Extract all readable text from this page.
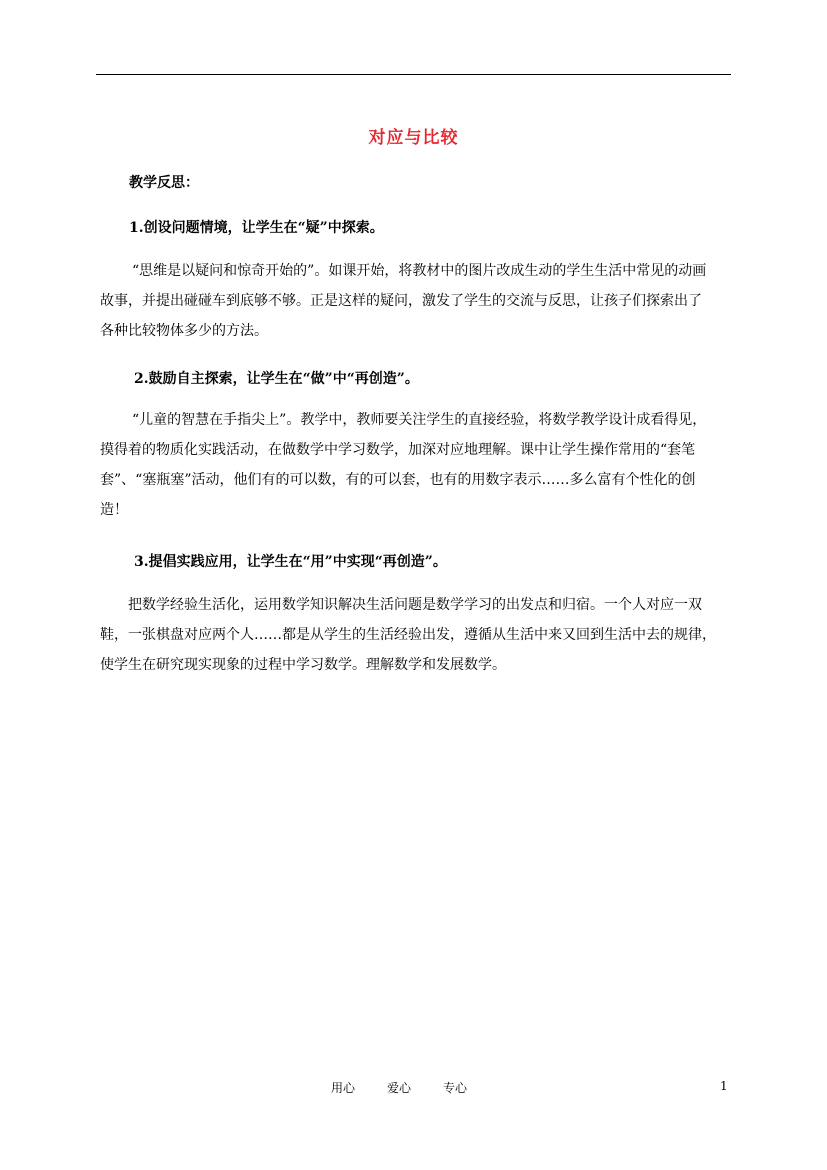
对应与比较
教学反思：
1.创设问题情境，让学生在“疑”中探索。
“思维是以疑问和惊奇开始的”。如课开始，将教材中的图片改成生动的学生生活中常见的动画
故事，并提出碰碰车到底够不够。正是这样的疑问，激发了学生的交流与反思，让孩子们探索出了
各种比较物体多少的方法。
2.鼓励自主探索，让学生在“做”中“再创造”。
“儿童的智慧在手指尖上”。教学中，教师要关注学生的直接经验，将数学教学设计成看得见，
摸得着的物质化实践活动，在做数学中学习数学，加深对应地理解。课中让学生操作常用的“套笔
套”、“塞瓶塞”活动，他们有的可以数，有的可以套，也有的用数字表示……多么富有个性化的创
造！
3.提倡实践应用，让学生在“用”中实现“再创造”。
把数学经验生活化，运用数学知识解决生活问题是数学学习的出发点和归宿。一个人对应一双
鞋，一张棋盘对应两个人……都是从学生的生活经验出发，遵循从生活中来又回到生活中去的规律，
使学生在研究现实现象的过程中学习数学。理解数学和发展数学。
用心	爱心	专心	1
